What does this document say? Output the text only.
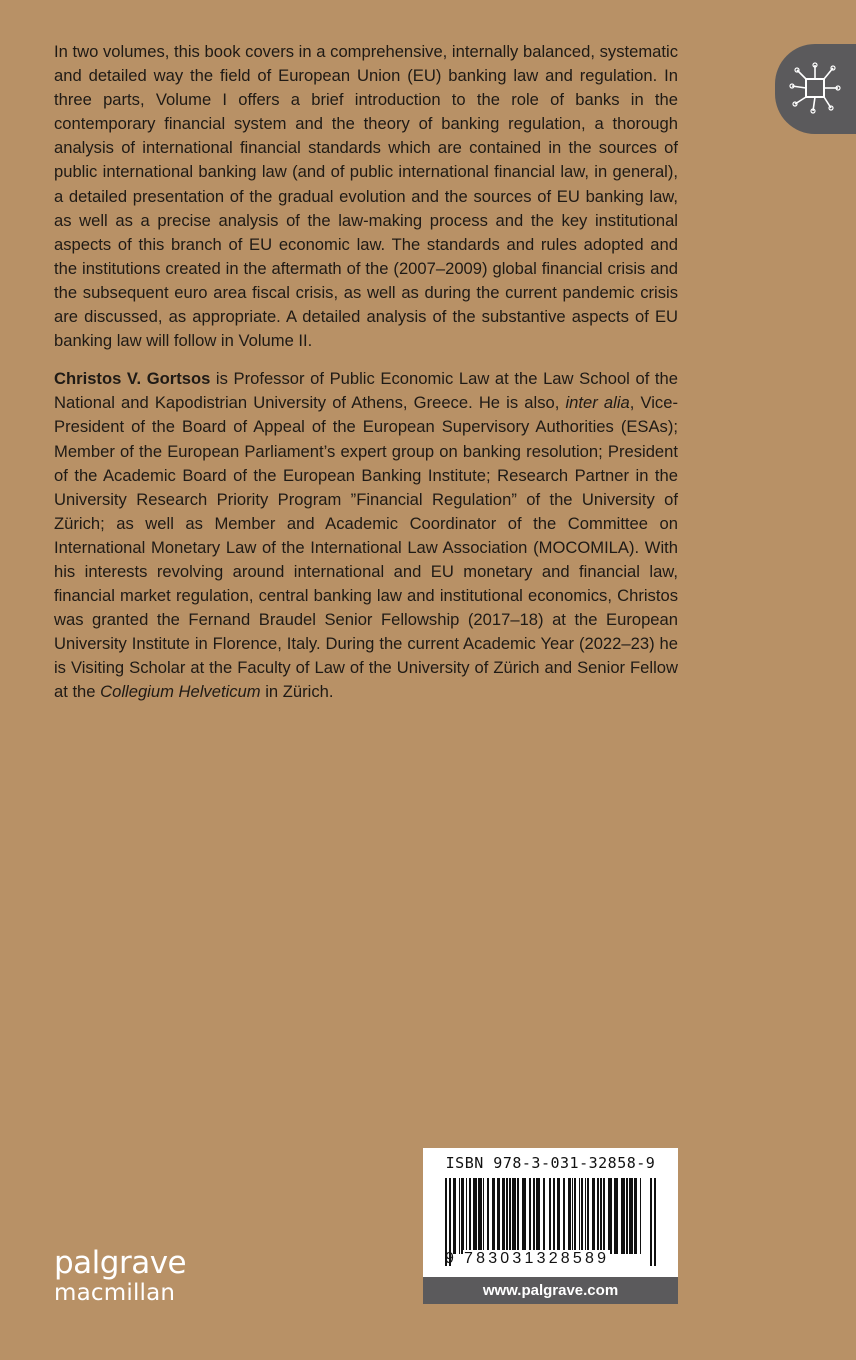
In two volumes, this book covers in a comprehensive, internally balanced, systematic and detailed way the field of European Union (EU) banking law and regulation. In three parts, Volume I offers a brief introduction to the role of banks in the contemporary financial system and the theory of banking regulation, a thorough analysis of international financial standards which are contained in the sources of public international banking law (and of public international financial law, in general), a detailed presentation of the gradual evolution and the sources of EU banking law, as well as a precise analysis of the law-making process and the key institutional aspects of this branch of EU economic law. The standards and rules adopted and the institutions created in the aftermath of the (2007–2009) global financial crisis and the subsequent euro area fiscal crisis, as well as during the current pandemic crisis are discussed, as appropriate. A detailed analysis of the substantive aspects of EU banking law will follow in Volume II.

Christos V. Gortsos is Professor of Public Economic Law at the Law School of the National and Kapodistrian University of Athens, Greece. He is also, inter alia, Vice-President of the Board of Appeal of the European Supervisory Authorities (ESAs); Member of the European Parliament’s expert group on banking resolution; President of the Academic Board of the European Banking Institute; Research Partner in the University Research Priority Program ”Financial Regulation” of the University of Zürich; as well as Member and Academic Coordinator of the Committee on International Monetary Law of the International Law Association (MOCOMILA). With his interests revolving around international and EU monetary and financial law, financial market regulation, central banking law and institutional economics, Christos was granted the Fernand Braudel Senior Fellowship (2017–18) at the European University Institute in Florence, Italy. During the current Academic Year (2022–23) he is Visiting Scholar at the Faculty of Law of the University of Zürich and Senior Fellow at the Collegium Helveticum in Zürich.

ISBN 978-3-031-32858-9
9 783031328589
www.palgrave.com
palgrave
macmillan
